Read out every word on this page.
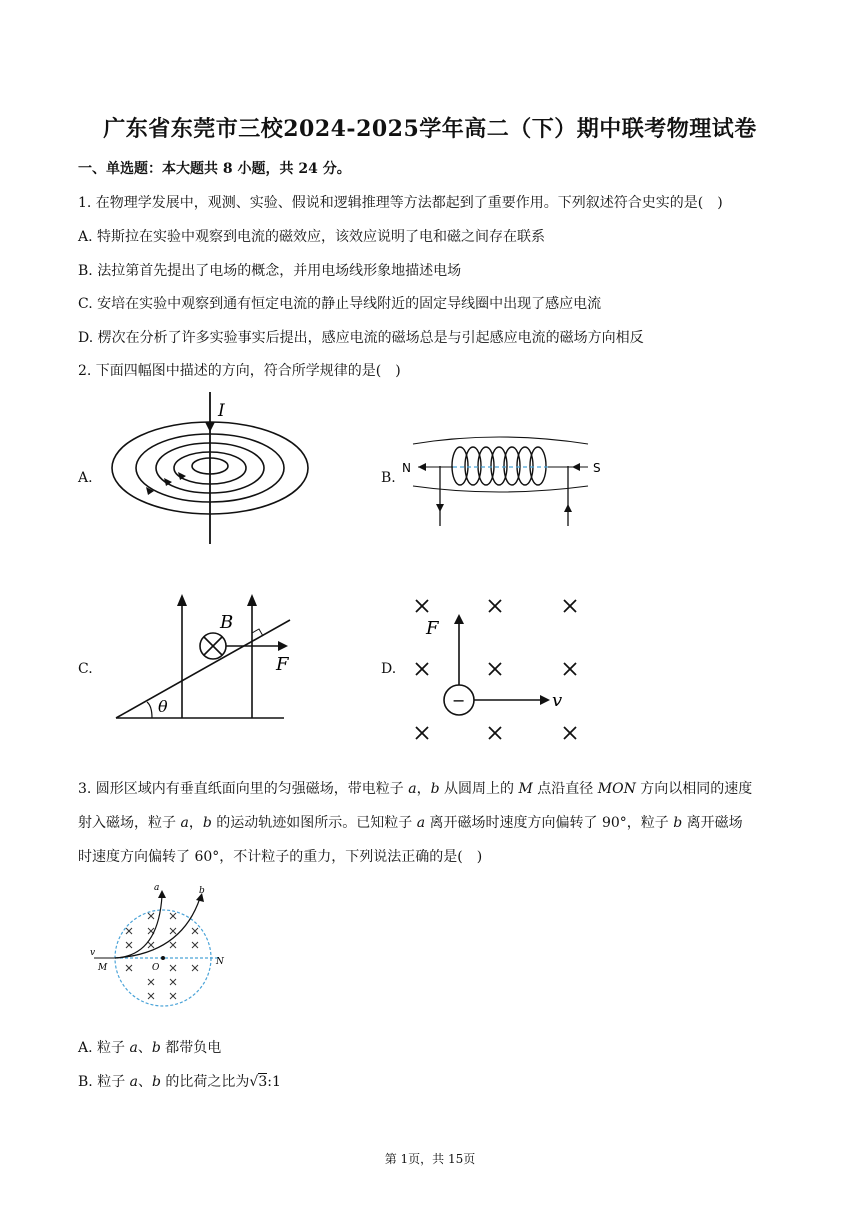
广东省东莞市三校2024-2025学年高二（下）期中联考物理试卷
一、单选题：本大题共 8 小题，共 24 分。
1. 在物理学发展中，观测、实验、假说和逻辑推理等方法都起到了重要作用。下列叙述符合史实的是(　)
A. 特斯拉在实验中观察到电流的磁效应，该效应说明了电和磁之间存在联系
B. 法拉第首先提出了电场的概念，并用电场线形象地描述电场
C. 安培在实验中观察到通有恒定电流的静止导线附近的固定导线圈中出现了感应电流
D. 楞次在分析了许多实验事实后提出，感应电流的磁场总是与引起感应电流的磁场方向相反
2. 下面四幅图中描述的方向，符合所学规律的是(　)
A.	B.
C.	D.
I
N	S
B
F
θ	−
F
v
3. 圆形区域内有垂直纸面向里的匀强磁场，带电粒子 a，b 从圆周上的 M 点沿直径 MON 方向以相同的速度
射入磁场，粒子 a，b 的运动轨迹如图所示。已知粒子 a 离开磁场时速度方向偏转了 90°，粒子 b 离开磁场
时速度方向偏转了 60°，不计粒子的重力，下列说法正确的是(　)
a	b
v
M	O
N
A. 粒子 a、b 都带负电
B. 粒子 a、b 的比荷之比为√3:1
第 1页，共 15页
